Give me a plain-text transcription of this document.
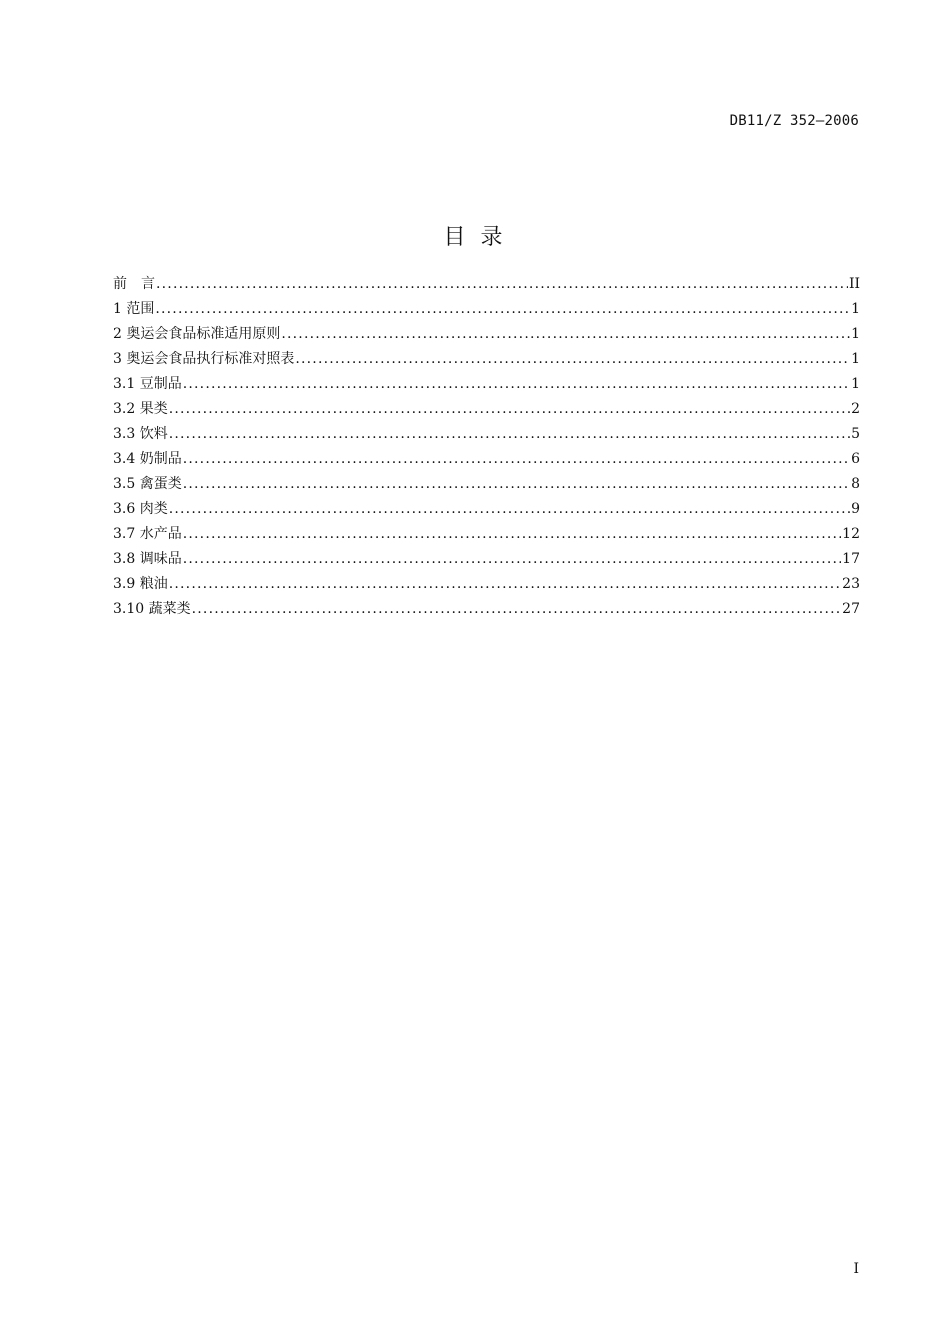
DB11/Z 352—2006
目 录
前　言 .....	II
1 范围 .....	1
2 奥运会食品标准适用原则 .....	1
3 奥运会食品执行标准对照表 .....	1
3.1 豆制品 .....	1
3.2 果类 .....	2
3.3 饮料 .....	5
3.4 奶制品 .....	6
3.5 禽蛋类 .....	8
3.6 肉类 .....	9
3.7 水产品 .....	12
3.8 调味品 .....	17
3.9 粮油 .....	23
3.10 蔬菜类 .....	27
I
